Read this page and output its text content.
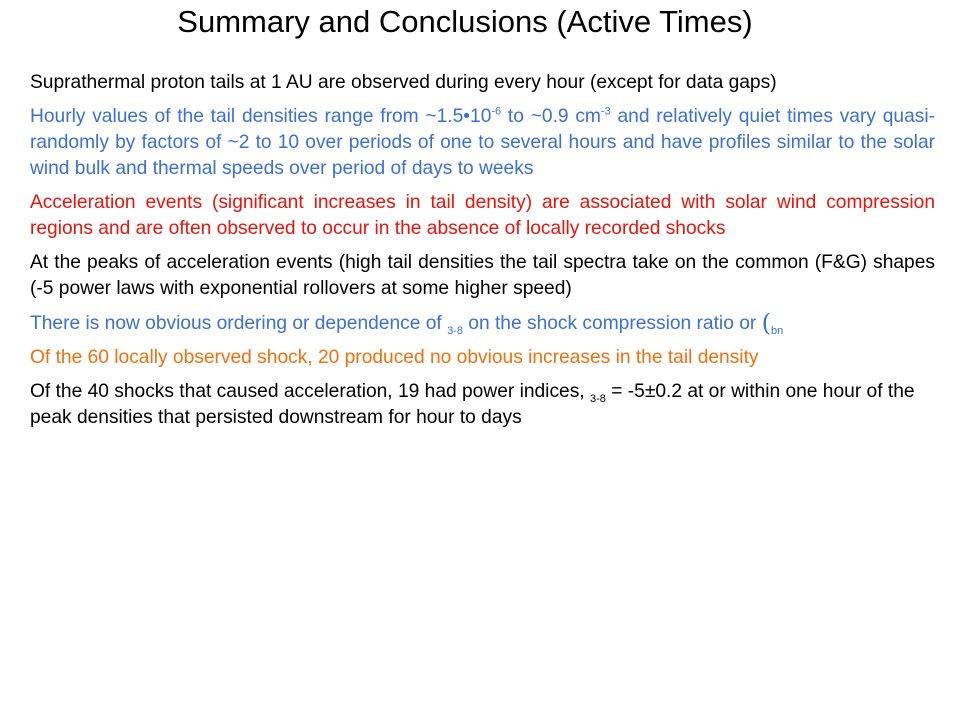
Summary and Conclusions (Active Times)

Suprathermal proton tails at 1 AU are observed during every hour (except for data gaps)

Hourly values of the tail densities range from $\sim 1.5•10^{-6}$ to ~0.9 $cm^{-3}$ and relatively quiet times vary quasi-randomly by factors of ~2 to 10 over periods of one to several hours and have profiles similar to the solar wind bulk and thermal speeds over period of days to weeks

Acceleration events (significant increases in tail density) are associated with solar wind compression regions and are often observed to occur in the absence of locally recorded shocks

At the peaks of acceleration events (high tail densities the tail spectra take on the common (F&G) shapes (-5 power laws with exponential rollovers at some higher speed)

There is now obvious ordering or dependence of $_{3-8}$ on the shock compression ratio or ($_{bn}$

Of the 60 locally observed shock, 20 produced no obvious increases in the tail density

Of the 40 shocks that caused acceleration, 19 had power indices, $_{3-8}$ = -5±0.2 at or within one hour of the peak densities that persisted downstream for hour to days
